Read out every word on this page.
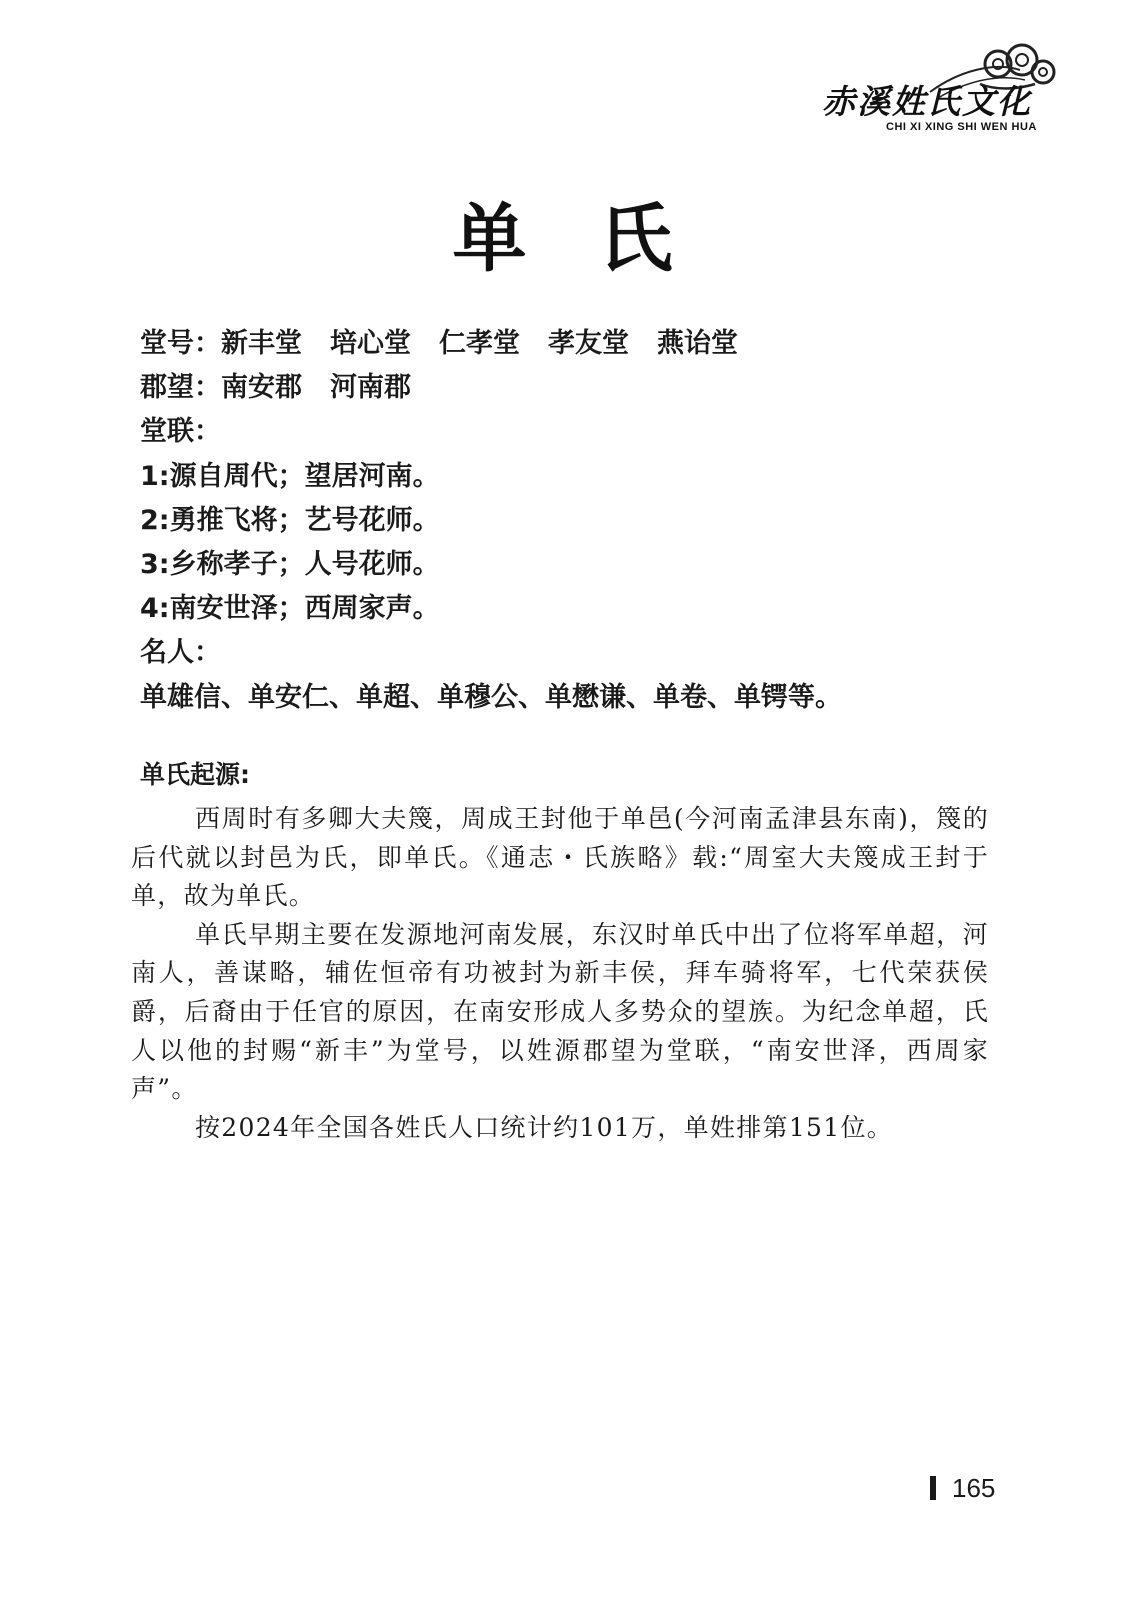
赤溪姓氏文化
CHI XI XING SHI WEN HUA
单氏
堂号：新丰堂 培心堂 仁孝堂 孝友堂 燕诒堂
郡望：南安郡 河南郡
堂联：
1:源自周代；望居河南。
2:勇推飞将；艺号花师。
3:乡称孝子；人号花师。
4:南安世泽；西周家声。
名人：
单雄信、单安仁、单超、单穆公、单懋谦、单卷、单锷等。
单氏起源:

西周时有多卿大夫篾，周成王封他于单邑(今河南孟津县东南)，篾的后代就以封邑为氏，即单氏。《通志・氏族略》载:“周室大夫篾成王封于单，故为单氏。

单氏早期主要在发源地河南发展，东汉时单氏中出了位将军单超，河南人，善谋略，辅佐恒帝有功被封为新丰侯，拜车骑将军，七代荣获侯爵，后裔由于任官的原因，在南安形成人多势众的望族。为纪念单超，氏人以他的封赐“新丰”为堂号，以姓源郡望为堂联，“南安世泽，西周家声”。

按2024年全国各姓氏人口统计约101万，单姓排第151位。

165
